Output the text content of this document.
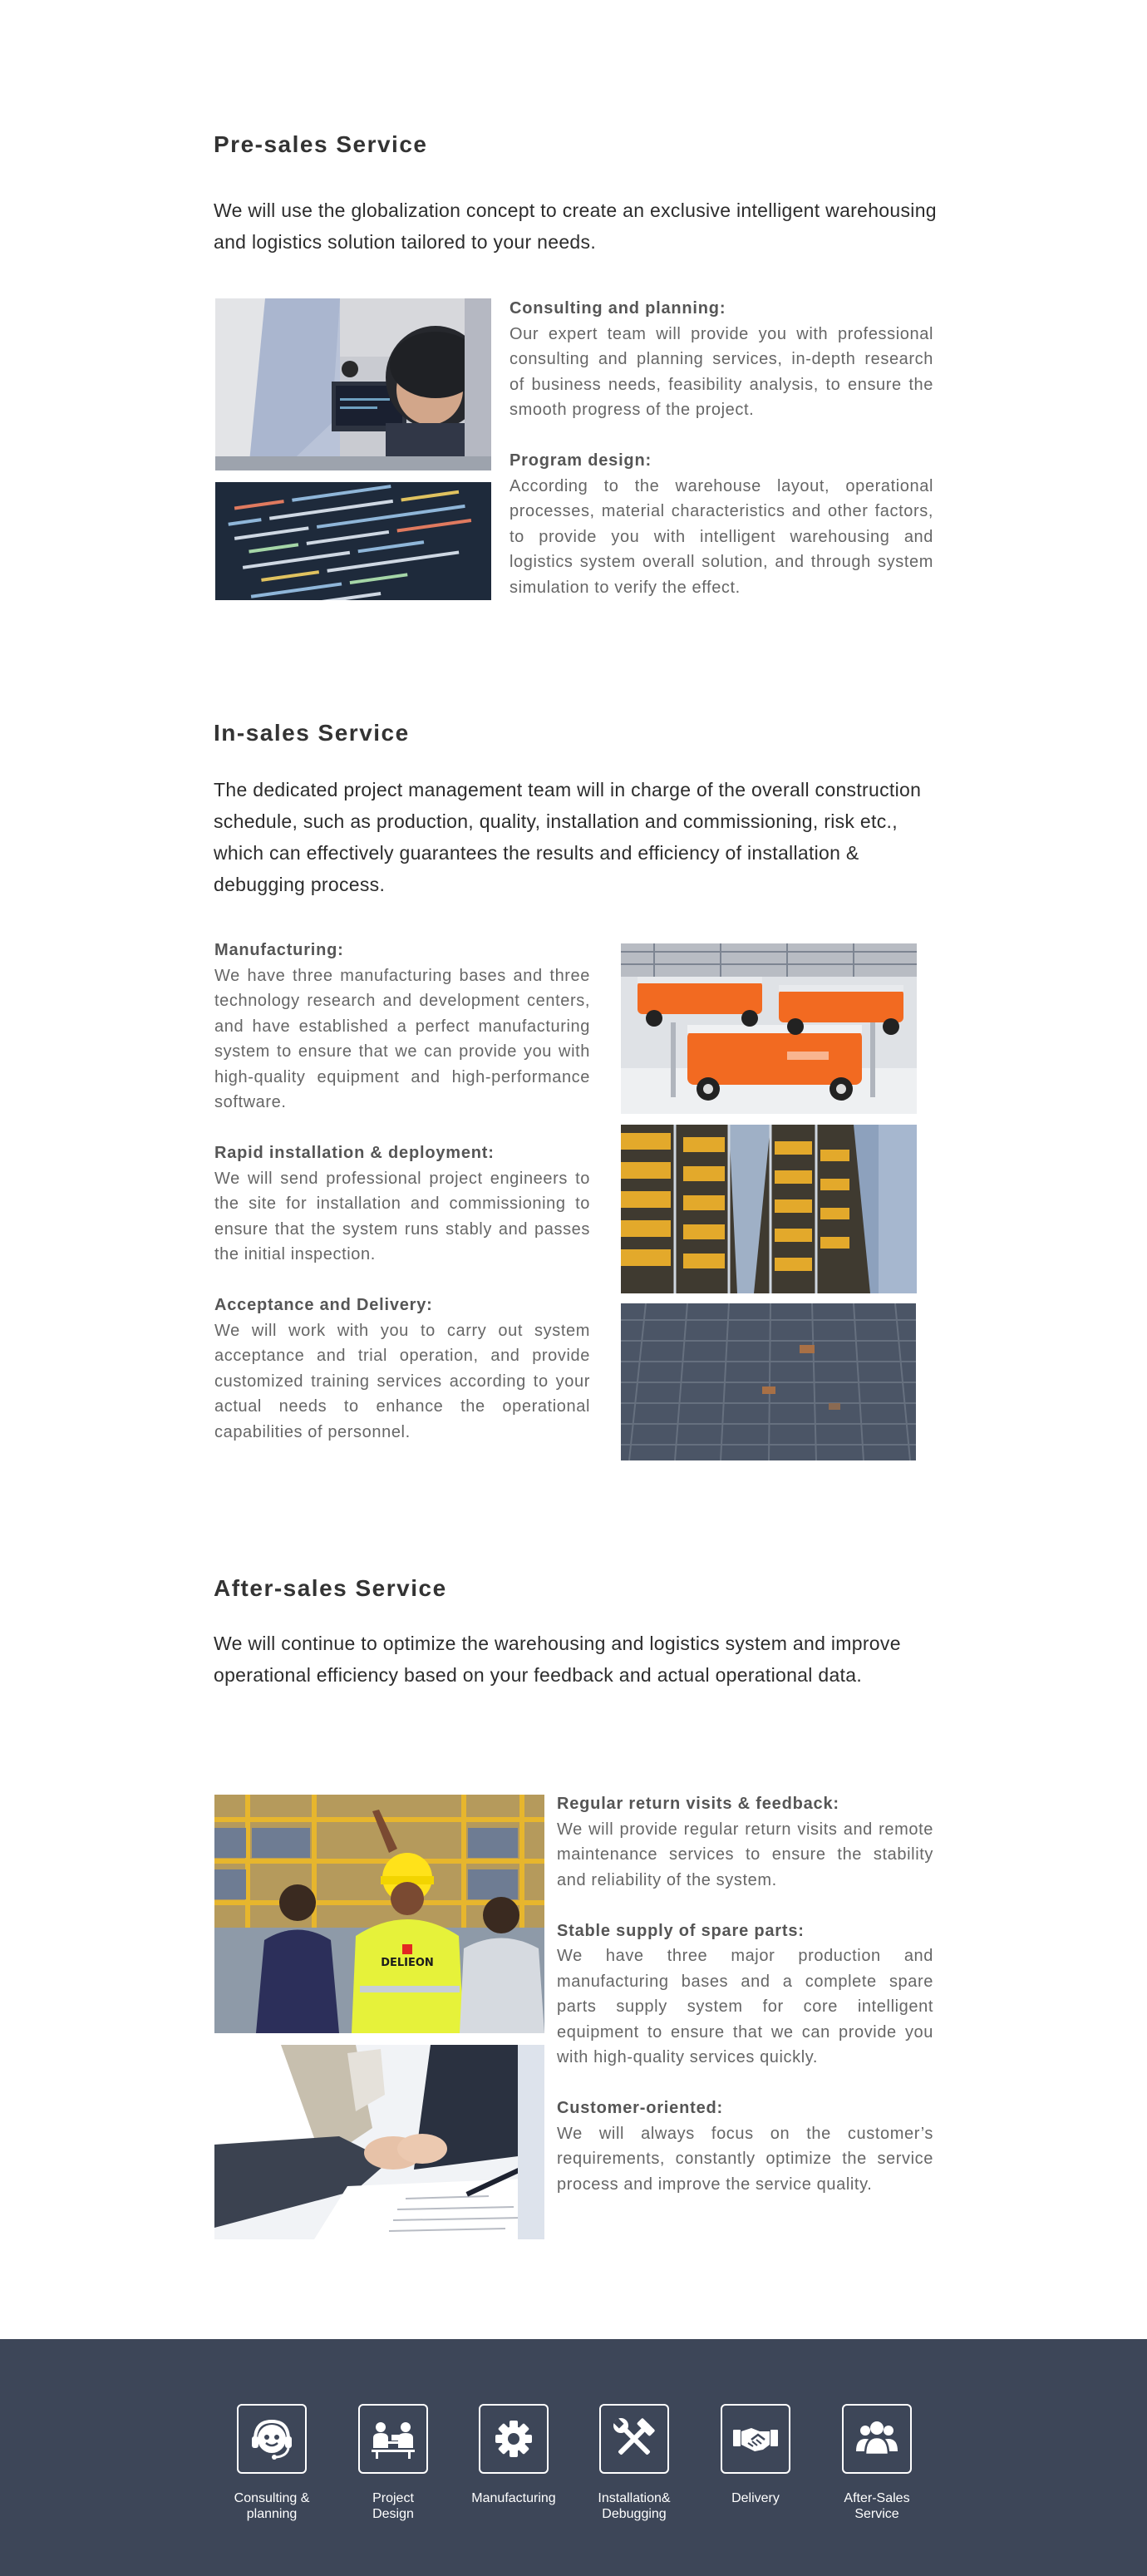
Pre-sales Service
We will use the globalization concept to create an exclusive intelligent warehousing and logistics solution tailored to your needs.
Consulting and planning:
Our expert team will provide you with professional consulting and planning services, in-depth research of business needs, feasibility analysis, to ensure the smooth progress of the project.
Program design:
According to the warehouse layout, operational processes, material characteristics and other factors, to provide you with intelligent warehousing and logistics system overall solution, and through system simulation to verify the effect.
In-sales Service
The dedicated project management team will in charge of the overall construction schedule, such as production, quality, installation and commissioning, risk etc., which can effectively guarantees the results and efficiency of installation & debugging process.
Manufacturing:
We have three manufacturing bases and three technology research and development centers, and have established a perfect manufacturing system to ensure that we can provide you with high-quality equipment and high-performance software.
Rapid installation & deployment:
We will send professional project engineers to the site for installation and commissioning to ensure that the system runs stably and passes the initial inspection.
Acceptance and Delivery:
We will work with you to carry out system acceptance and trial operation, and provide customized training services according to your actual needs to enhance the operational capabilities of personnel.
After-sales Service
We will continue to optimize the warehousing and logistics system and improve operational efficiency based on your feedback and actual operational data.
DELIEON
Regular return visits & feedback:
We will provide regular return visits and remote maintenance services to ensure the stability and reliability of the system.
Stable supply of spare parts:
We have three major production and manufacturing bases and a complete spare parts supply system for core intelligent equipment to ensure that we can provide you with high-quality services quickly.
Customer-oriented:
We will always focus on the customer’s requirements, constantly optimize the service process and improve the service quality.
Consulting &
planning
Project
Design
Manufacturing	Installation&
Debugging
Delivery	After-Sales
Service
